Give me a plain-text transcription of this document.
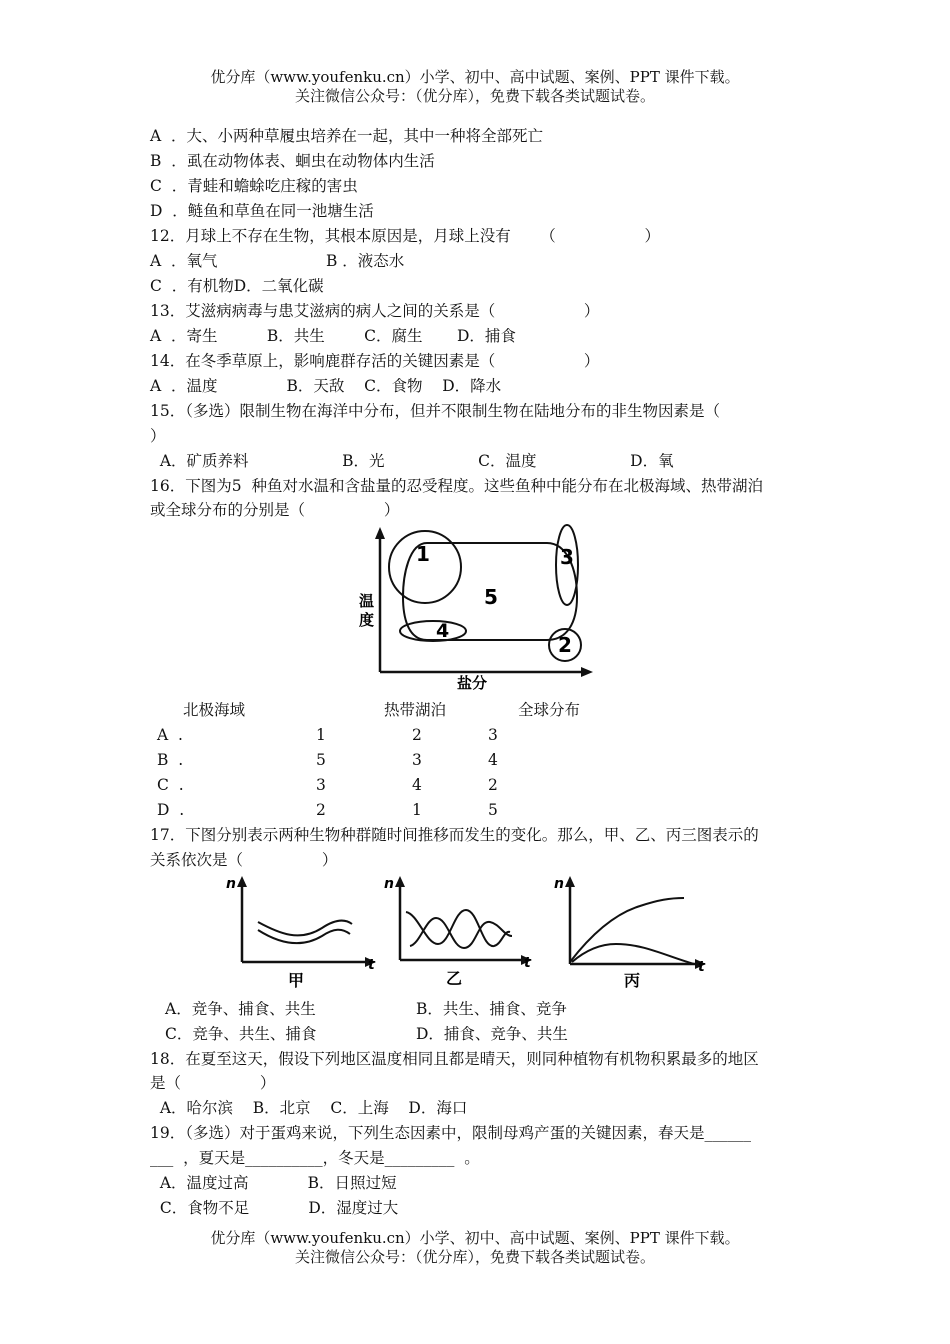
优分库（www.youfenku.cn）小学、初中、高中试题、案例、PPT 课件下载。
关注微信公众号：（优分库），免费下载各类试题试卷。
A  ．大、小两种草履虫培养在一起，其中一种将全部死亡
B  ．虱在动物体表、蛔虫在动物体内生活
C  ．青蛙和蟾蜍吃庄稼的害虫
D  ．鲢鱼和草鱼在同一池塘生活
12．月球上不存在生物，其根本原因是，月球上没有      （                  ）
A  ．氧气                      B ．液态水
C  ．有机物D．二氧化碳
13．艾滋病病毒与患艾滋病的病人之间的关系是（                  ）
A  ．寄生          B．共生        C．腐生       D．捕食
14．在冬季草原上，影响鹿群存活的关键因素是（                  ）
A  ．温度              B．天敌    C．食物    D．降水
15．（多选）限制生物在海洋中分布，但并不限制生物在陆地分布的非生物因素是（
）
A．矿质养料                   B．光                   C．温度                   D．氧
16．下图为5  种鱼对水温和含盐量的忍受程度。这些鱼种中能分布在北极海域、热带湖泊
或全球分布的分别是（                ）
1	3
5
4
2
温
度
盐分
北极海域	热带湖泊	全球分布
A  .	1	2	3
B  .	5	3	4
C  .	3	4	2
D  .	2	1	5
17．下图分别表示两种生物种群随时间推移而发生的变化。那么，甲、乙、丙三图表示的
关系依次是（                ）
n
t
甲
n
t
乙
n
t
丙
A．竞争、捕食、共生	B．共生、捕食、竞争
C．竞争、共生、捕食	D．捕食、竞争、共生
18．在夏至这天，假设下列地区温度相同且都是晴天，则同种植物有机物积累最多的地区
是（                ）
A．哈尔滨    B．北京    C．上海    D．海口
19．（多选）对于蛋鸡来说，下列生态因素中，限制母鸡产蛋的关键因素，春天是______
___  ，夏天是__________，冬天是_________  。
A．温度过高            B．日照过短
C．食物不足            D．湿度过大
优分库（www.youfenku.cn）小学、初中、高中试题、案例、PPT 课件下载。
关注微信公众号：（优分库），免费下载各类试题试卷。
